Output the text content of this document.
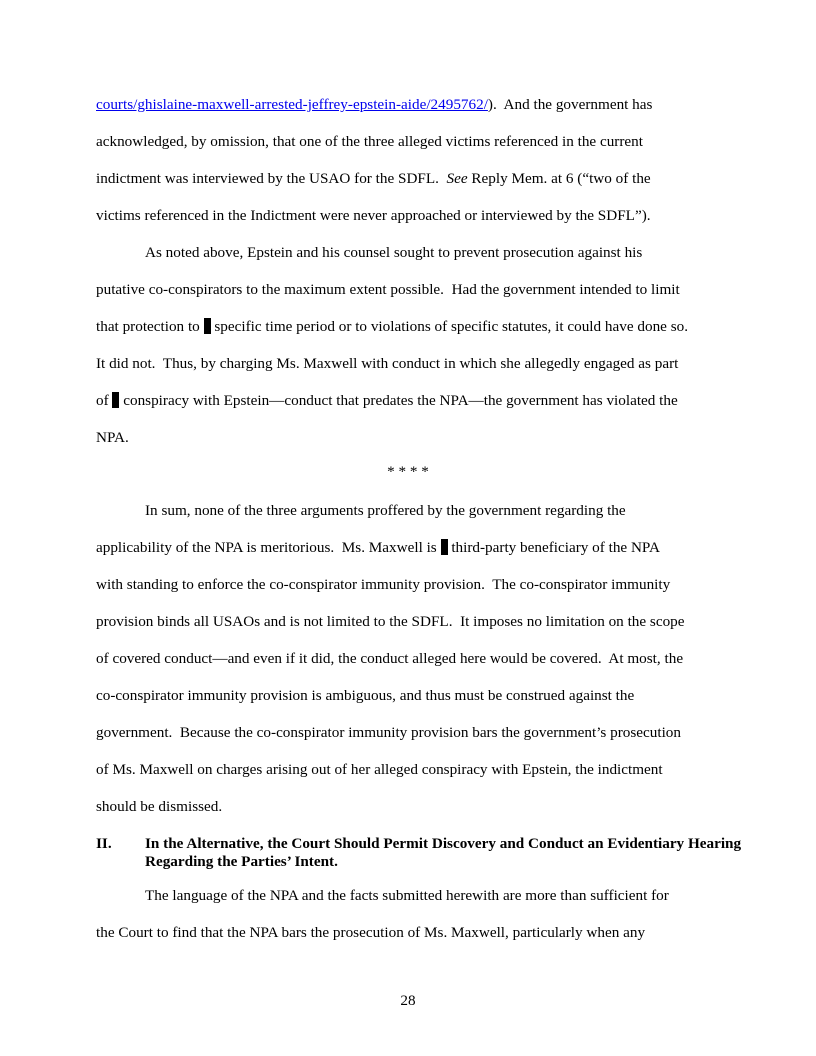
courts/ghislaine-maxwell-arrested-jeffrey-epstein-aide/2495762/).  And the government has
acknowledged, by omission, that one of the three alleged victims referenced in the current
indictment was interviewed by the USAO for the SDFL.  See Reply Mem. at 6 (“two of the
victims referenced in the Indictment were never approached or interviewed by the SDFL”).
As noted above, Epstein and his counsel sought to prevent prosecution against his
putative co-conspirators to the maximum extent possible.  Had the government intended to limit
that protection to  specific time period or to violations of specific statutes, it could have done so.
It did not.  Thus, by charging Ms. Maxwell with conduct in which she allegedly engaged as part
of  conspiracy with Epstein—conduct that predates the NPA—the government has violated the
NPA.
* * * *
In sum, none of the three arguments proffered by the government regarding the
applicability of the NPA is meritorious.  Ms. Maxwell is  third-party beneficiary of the NPA
with standing to enforce the co-conspirator immunity provision.  The co-conspirator immunity
provision binds all USAOs and is not limited to the SDFL.  It imposes no limitation on the scope
of covered conduct—and even if it did, the conduct alleged here would be covered.  At most, the
co-conspirator immunity provision is ambiguous, and thus must be construed against the
government.  Because the co-conspirator immunity provision bars the government’s prosecution
of Ms. Maxwell on charges arising out of her alleged conspiracy with Epstein, the indictment
should be dismissed.
II. In the Alternative, the Court Should Permit Discovery and Conduct an Evidentiary Hearing Regarding the Parties’ Intent.
The language of the NPA and the facts submitted herewith are more than sufficient for
the Court to find that the NPA bars the prosecution of Ms. Maxwell, particularly when any
28
